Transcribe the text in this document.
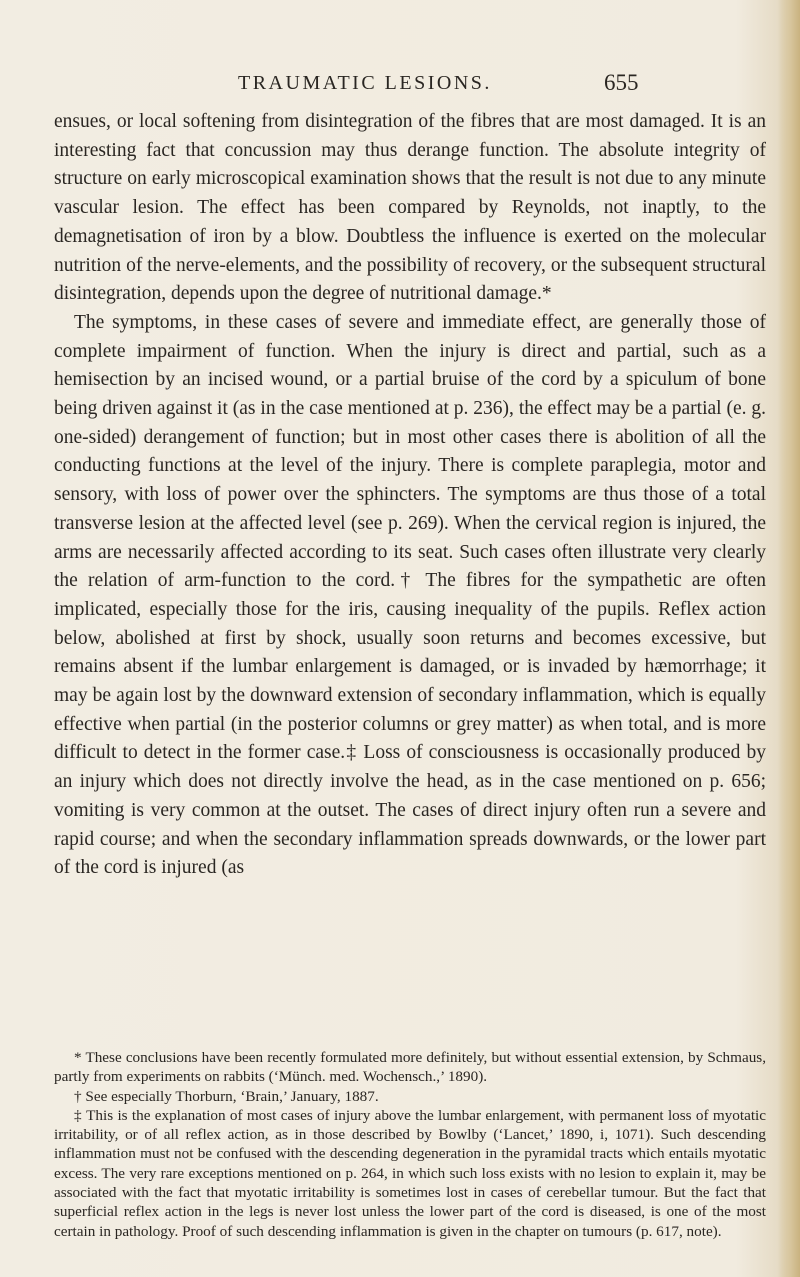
TRAUMATIC LESIONS.	655

ensues, or local softening from disintegration of the fibres that are most damaged. It is an interesting fact that concussion may thus derange function. The absolute integrity of structure on early microscopical examination shows that the result is not due to any minute vascular lesion. The effect has been compared by Reynolds, not inaptly, to the demagnetisation of iron by a blow. Doubtless the influence is exerted on the molecular nutrition of the nerve-elements, and the possibility of recovery, or the subsequent structural disintegration, depends upon the degree of nutritional damage.*

The symptoms, in these cases of severe and immediate effect, are generally those of complete impairment of function. When the injury is direct and partial, such as a hemisection by an incised wound, or a partial bruise of the cord by a spiculum of bone being driven against it (as in the case mentioned at p. 236), the effect may be a partial (e. g. one-sided) derangement of function; but in most other cases there is abolition of all the conducting functions at the level of the injury. There is complete paraplegia, motor and sensory, with loss of power over the sphincters. The symptoms are thus those of a total transverse lesion at the affected level (see p. 269). When the cervical region is injured, the arms are necessarily affected according to its seat. Such cases often illustrate very clearly the relation of arm-function to the cord.† The fibres for the sympathetic are often implicated, especially those for the iris, causing inequality of the pupils. Reflex action below, abolished at first by shock, usually soon returns and becomes excessive, but remains absent if the lumbar enlargement is damaged, or is invaded by hæmorrhage; it may be again lost by the downward extension of secondary inflammation, which is equally effective when partial (in the posterior columns or grey matter) as when total, and is more difficult to detect in the former case.‡ Loss of consciousness is occasionally produced by an injury which does not directly involve the head, as in the case mentioned on p. 656; vomiting is very common at the outset. The cases of direct injury often run a severe and rapid course; and when the secondary inflammation spreads downwards, or the lower part of the cord is injured (as

* These conclusions have been recently formulated more definitely, but without essential extension, by Schmaus, partly from experiments on rabbits (‘Münch. med. Wochensch.,’ 1890).

† See especially Thorburn, ‘Brain,’ January, 1887.

‡ This is the explanation of most cases of injury above the lumbar enlargement, with permanent loss of myotatic irritability, or of all reflex action, as in those described by Bowlby (‘Lancet,’ 1890, i, 1071). Such descending inflammation must not be confused with the descending degeneration in the pyramidal tracts which entails myotatic excess. The very rare exceptions mentioned on p. 264, in which such loss exists with no lesion to explain it, may be associated with the fact that myotatic irritability is sometimes lost in cases of cerebellar tumour. But the fact that superficial reflex action in the legs is never lost unless the lower part of the cord is diseased, is one of the most certain in pathology. Proof of such descending inflammation is given in the chapter on tumours (p. 617, note).
